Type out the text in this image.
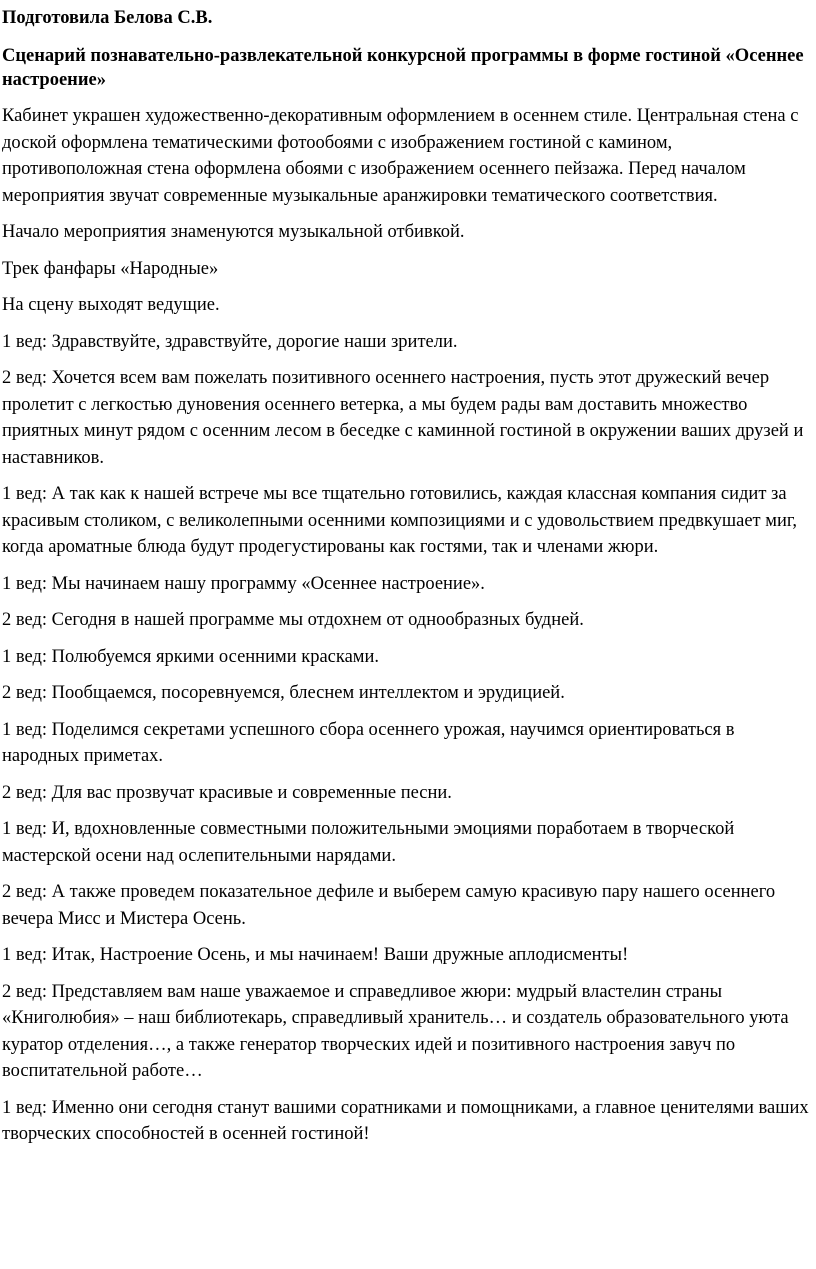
Подготовила Белова С.В.

Сценарий познавательно-развлекательной конкурсной программы в форме гостиной «Осеннее настроение»

Кабинет украшен художественно-декоративным оформлением в осеннем стиле. Центральная стена с доской оформлена тематическими фотообоями с изображением гостиной с камином, противоположная стена оформлена обоями с изображением осеннего пейзажа. Перед началом мероприятия звучат современные музыкальные аранжировки тематического соответствия.

Начало мероприятия знаменуются музыкальной отбивкой.

Трек фанфары «Народные»

На сцену выходят ведущие.

1 вед: Здравствуйте, здравствуйте, дорогие наши зрители.

2 вед: Хочется всем вам пожелать позитивного осеннего настроения, пусть этот дружеский вечер пролетит с легкостью дуновения осеннего ветерка, а мы будем рады вам доставить множество приятных минут рядом с осенним лесом в беседке с каминной гостиной в окружении ваших друзей и наставников.

1 вед: А так как к нашей встрече мы все тщательно готовились, каждая классная компания сидит за красивым столиком, с великолепными осенними композициями и с удовольствием предвкушает миг, когда ароматные блюда будут продегустированы как гостями, так и членами жюри.

1 вед: Мы начинаем нашу программу «Осеннее настроение».

2 вед: Сегодня в нашей программе мы отдохнем от однообразных будней.

1 вед: Полюбуемся яркими осенними красками.

2 вед: Пообщаемся, посоревнуемся, блеснем интеллектом и эрудицией.

1 вед: Поделимся секретами успешного сбора осеннего урожая, научимся ориентироваться в народных приметах.

2 вед: Для вас прозвучат красивые и современные песни.

1 вед: И, вдохновленные совместными положительными эмоциями поработаем в творческой мастерской осени над ослепительными нарядами.

2 вед: А также проведем показательное дефиле и выберем самую красивую пару нашего осеннего вечера Мисс и Мистера Осень.

1 вед: Итак, Настроение Осень, и мы начинаем! Ваши дружные аплодисменты!

2 вед: Представляем вам наше уважаемое и справедливое жюри: мудрый властелин страны «Книголюбия» – наш библиотекарь, справедливый хранитель… и создатель образовательного уюта куратор отделения…, а также генератор творческих идей и позитивного настроения завуч по воспитательной работе…

1 вед: Именно они сегодня станут вашими соратниками и помощниками, а главное ценителями ваших творческих способностей в осенней гостиной!
